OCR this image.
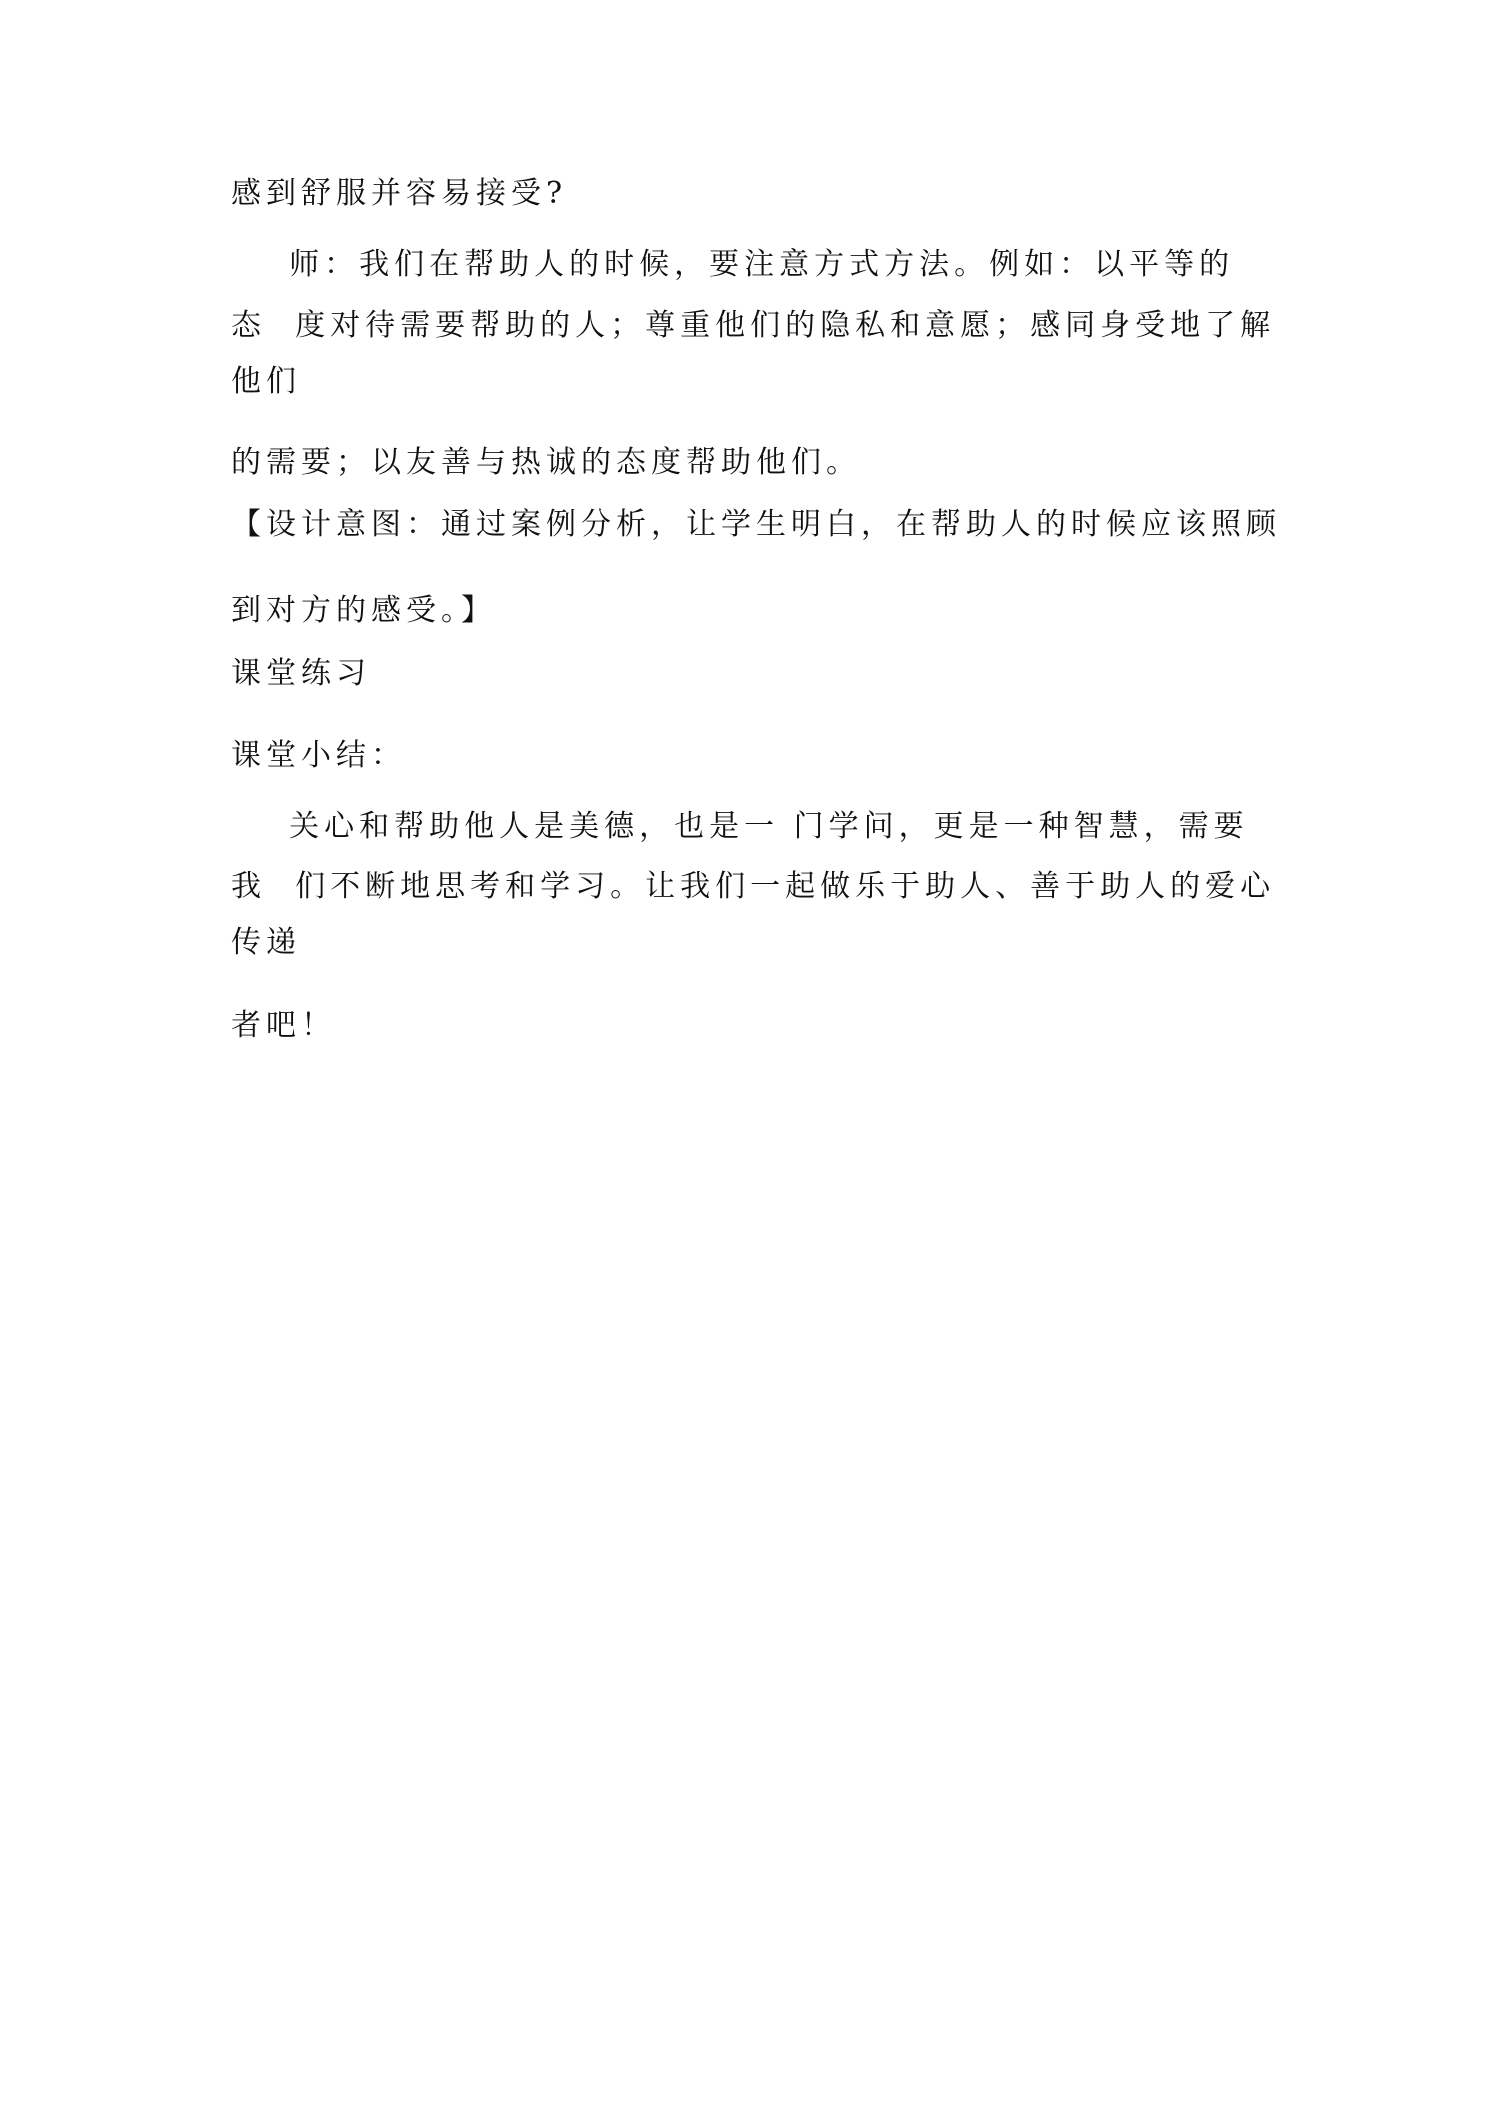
感到舒服并容易接受?

师：我们在帮助人的时候，要注意方式方法。例如：以平等的

态  度对待需要帮助的人；尊重他们的隐私和意愿；感同身受地了解

他们

的需要；以友善与热诚的态度帮助他们。

【设计意图：通过案例分析，让学生明白，在帮助人的时候应该照顾

到对方的感受。】

课堂练习

课堂小结：

关心和帮助他人是美德，也是一 门学问，更是一种智慧，需要

我  们不断地思考和学习。让我们一起做乐于助人、善于助人的爱心

传递

者吧！
